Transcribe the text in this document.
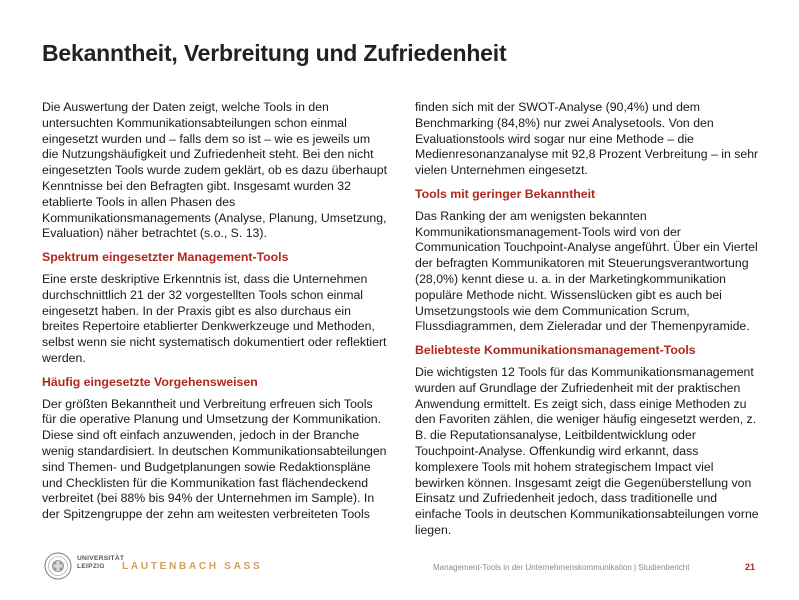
Bekanntheit, Verbreitung und Zufriedenheit

Die Auswertung der Daten zeigt, welche Tools in den untersuchten Kommunikationsabteilungen schon einmal eingesetzt wurden und – falls dem so ist – wie es jeweils um die Nutzungshäufigkeit und Zufriedenheit steht. Bei den nicht eingesetzten Tools wurde zudem geklärt, ob es dazu überhaupt Kenntnisse bei den Befragten gibt. Insgesamt wurden 32 etablierte Tools in allen Phasen des Kommunikationsmanagements (Analyse, Planung, Umsetzung, Evaluation) näher betrachtet (s.o., S. 13).

Spektrum eingesetzter Management-Tools

Eine erste deskriptive Erkenntnis ist, dass die Unternehmen durchschnittlich 21 der 32 vorgestellten Tools schon einmal eingesetzt haben. In der Praxis gibt es also durchaus ein breites Repertoire etablierter Denkwerkzeuge und Methoden, selbst wenn sie nicht systematisch dokumentiert oder reflektiert werden.

Häufig eingesetzte Vorgehensweisen

Der größten Bekanntheit und Verbreitung erfreuen sich Tools für die operative Planung und Umsetzung der Kommunikation. Diese sind oft einfach anzuwenden, jedoch in der Branche wenig standardisiert. In deutschen Kommunikationsabteilungen sind Themen- und Budgetplanungen sowie Redaktionspläne und Checklisten für die Kommunikation fast flächendeckend verbreitet (bei 88% bis 94% der Unternehmen im Sample). In der Spitzengruppe der zehn am weitesten verbreiteten Tools

finden sich mit der SWOT-Analyse (90,4%) und dem Benchmarking (84,8%) nur zwei Analysetools. Von den Evaluationstools wird sogar nur eine Methode – die Medienresonanzanalyse mit 92,8 Prozent Verbreitung – in sehr vielen Unternehmen eingesetzt.

Tools mit geringer Bekanntheit

Das Ranking der am wenigsten bekannten Kommunikationsmanagement-Tools wird von der Communication Touchpoint-Analyse angeführt. Über ein Viertel der befragten Kommunikatoren mit Steuerungsverantwortung (28,0%) kennt diese u. a. in der Marketingkommunikation populäre Methode nicht. Wissenslücken gibt es auch bei Umsetzungstools wie dem Communication Scrum, Flussdiagrammen, dem Zieleradar und der Themenpyramide.

Beliebteste Kommunikationsmanagement-Tools

Die wichtigsten 12 Tools für das Kommunikationsmanagement wurden auf Grundlage der Zufriedenheit mit der praktischen Anwendung ermittelt. Es zeigt sich, dass einige Methoden zu den Favoriten zählen, die weniger häufig eingesetzt werden, z. B. die Reputationsanalyse, Leitbildentwicklung oder Touchpoint-Analyse. Offenkundig wird erkannt, dass komplexere Tools mit hohem strategischem Impact viel bewirken können. Insgesamt zeigt die Gegenüberstellung von Einsatz und Zufriedenheit jedoch, dass traditionelle und einfache Tools in deutschen Kommunikationsabteilungen vorne liegen.

UNIVERSITÄT
LEIPZIG	LAUTENBACH SASS	Management-Tools in der Unternehmenskommunikation | Studienbericht	21
